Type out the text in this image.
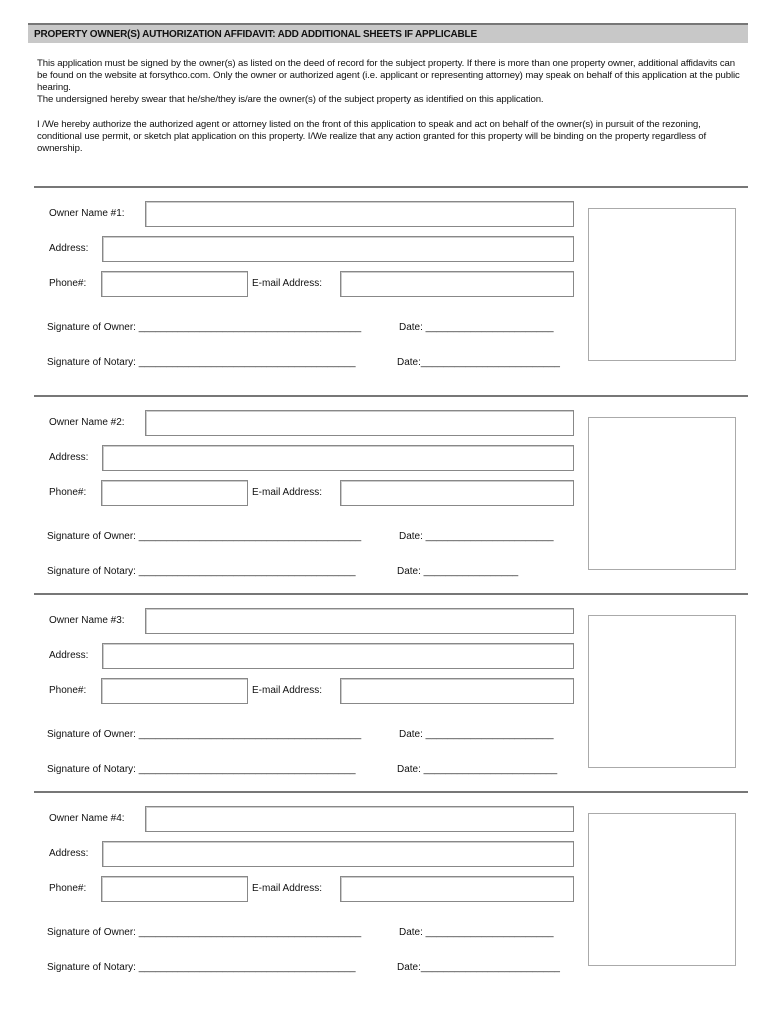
PROPERTY OWNER(S) AUTHORIZATION AFFIDAVIT: ADD ADDITIONAL SHEETS IF APPLICABLE
This application must be signed by the owner(s) as listed on the deed of record for the subject property. If there is more than one property owner, additional affidavits can be found on the website at forsythco.com. Only the owner or authorized agent (i.e. applicant or representing attorney) may speak on behalf of this application at the public hearing.
The undersigned hereby swear that he/she/they is/are the owner(s) of the subject property as identified on this application.
I /We hereby authorize the authorized agent or attorney listed on the front of this application to speak and act on behalf of the owner(s) in pursuit of the rezoning, conditional use permit, or sketch plat application on this property. I/We realize that any action granted for this property will be binding on the property regardless of ownership.
Owner Name #1:
Address:
Phone#:	E-mail Address:
Signature of Owner: ________________________________________	Date: _______________________
Signature of Notary: _______________________________________	Date:_________________________
Owner Name #2:
Address:
Phone#:	E-mail Address:
Signature of Owner: ________________________________________	Date: _______________________
Signature of Notary: _______________________________________	Date: _________________
Owner Name #3:
Address:
Phone#:	E-mail Address:
Signature of Owner: ________________________________________	Date: _______________________
Signature of Notary: _______________________________________	Date: ________________________
Owner Name #4:
Address:
Phone#:	E-mail Address:
Signature of Owner: ________________________________________	Date: _______________________
Signature of Notary: _______________________________________	Date:_________________________
